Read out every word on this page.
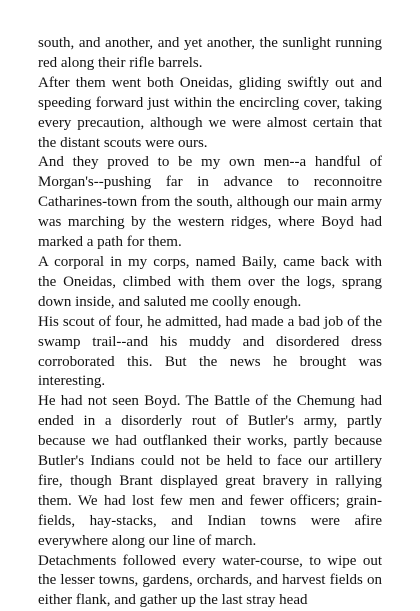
south, and another, and yet another, the sunlight running red along their rifle barrels.

After them went both Oneidas, gliding swiftly out and speeding forward just within the encircling cover, taking every precaution, although we were almost certain that the distant scouts were ours.

And they proved to be my own men--a handful of Morgan's--pushing far in advance to reconnoitre Catharines-town from the south, although our main army was marching by the western ridges, where Boyd had marked a path for them.

A corporal in my corps, named Baily, came back with the Oneidas, climbed with them over the logs, sprang down inside, and saluted me coolly enough.

His scout of four, he admitted, had made a bad job of the swamp trail--and his muddy and disordered dress corroborated this. But the news he brought was interesting.

He had not seen Boyd. The Battle of the Chemung had ended in a disorderly rout of Butler's army, partly because we had outflanked their works, partly because Butler's Indians could not be held to face our artillery fire, though Brant displayed great bravery in rallying them. We had lost few men and fewer officers; grain-fields, hay-stacks, and Indian towns were afire everywhere along our line of march.

Detachments followed every water-course, to wipe out the lesser towns, gardens, orchards, and harvest fields on either flank, and gather up the last stray head
